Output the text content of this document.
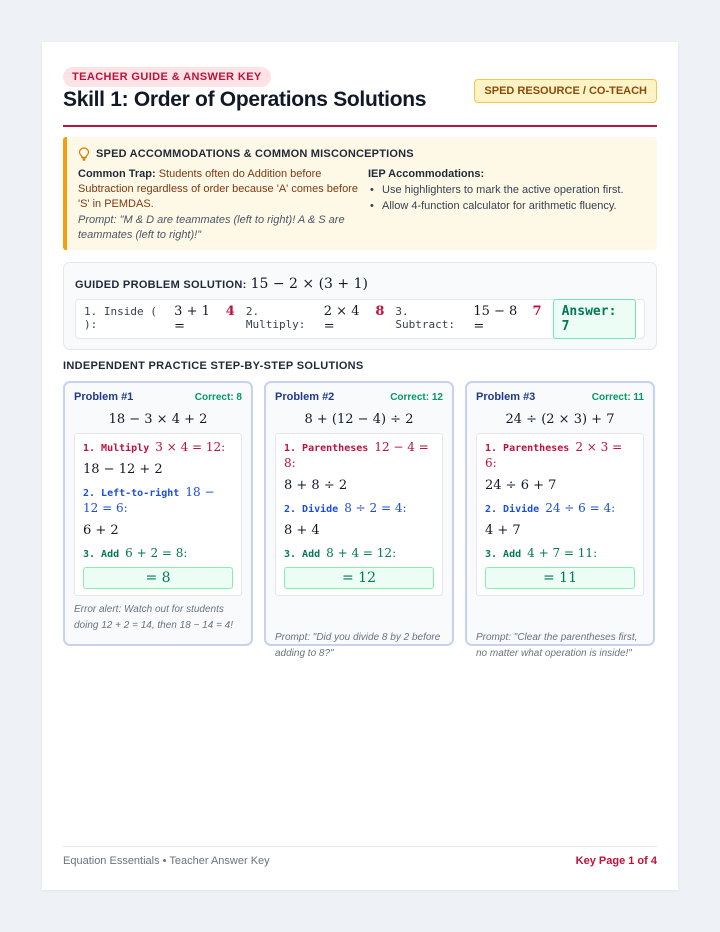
TEACHER GUIDE & ANSWER KEY
Skill 1: Order of Operations Solutions	SPED RESOURCE / CO-TEACH
SPED ACCOMMODATIONS & COMMON MISCONCEPTIONS
Common Trap: Students often do Addition before Subtraction regardless of order because 'A' comes before 'S' in PEMDAS.
Prompt: "M & D are teammates (left to right)! A & S are teammates (left to right)!"
IEP Accommodations:
• Use highlighters to mark the active operation first.
• Allow 4-function calculator for arithmetic fluency.
GUIDED PROBLEM SOLUTION: 15 − 2 × (3 + 1)
1. Inside ( ):
3 + 1 =
4 2. Multiply:
2 × 4 =
8 3. Subtract:
15 − 8 =
7	Answer: 7
INDEPENDENT PRACTICE STEP-BY-STEP SOLUTIONS
Problem #1	Correct: 8
18 − 3 × 4 + 2
1. Multiply 3 × 4 = 12:
18 − 12 + 2
2. Left-to-right 18 − 12 = 6:
6 + 2
3. Add 6 + 2 = 8:
= 8
Error alert: Watch out for students doing 12 + 2 = 14, then 18 − 14 = 4!
Problem #2	Correct: 12
8 + (12 − 4) ÷ 2
1. Parentheses 12 − 4 = 8:
8 + 8 ÷ 2
2. Divide 8 ÷ 2 = 4:
8 + 4
3. Add 8 + 4 = 12:
= 12
Prompt: "Did you divide 8 by 2 before adding to 8?"
Problem #3	Correct: 11
24 ÷ (2 × 3) + 7
1. Parentheses 2 × 3 = 6:
24 ÷ 6 + 7
2. Divide 24 ÷ 6 = 4:
4 + 7
3. Add 4 + 7 = 11:
= 11
Prompt: "Clear the parentheses first, no matter what operation is inside!"
Equation Essentials • Teacher Answer Key	Key Page 1 of 4
